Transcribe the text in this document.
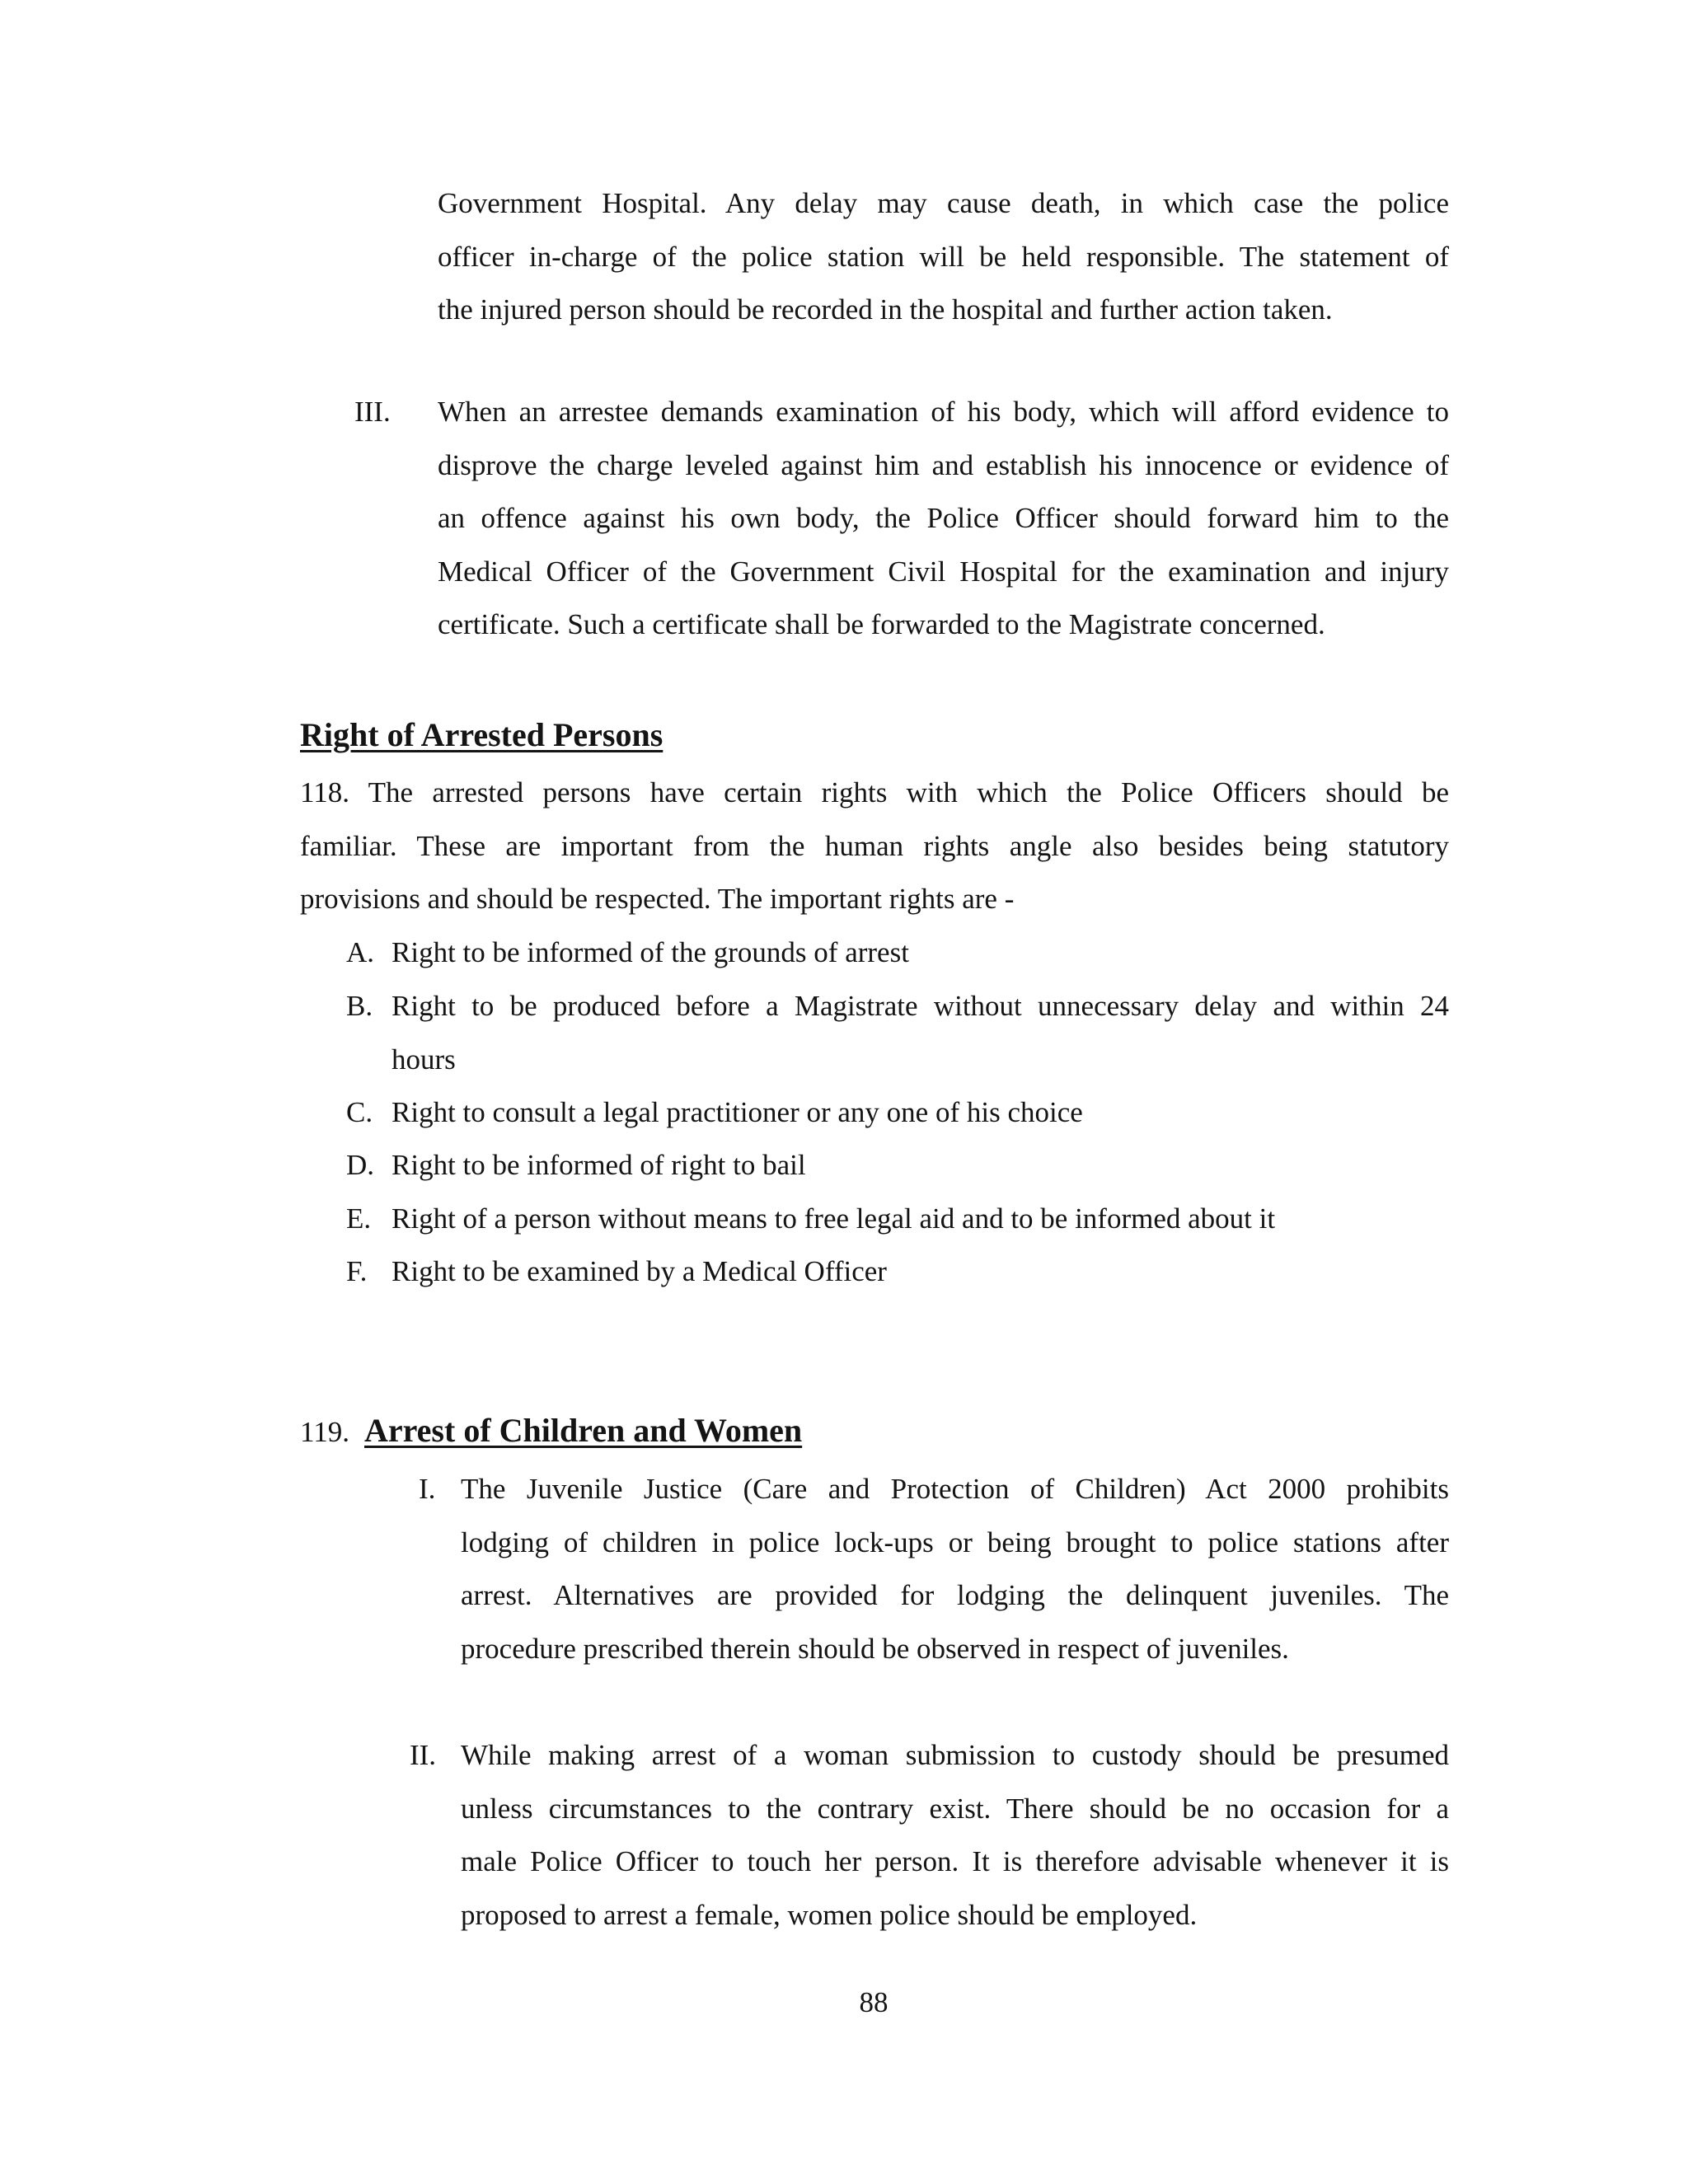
Government Hospital. Any delay may cause death, in which case the police
officer in-charge of the police station will be held responsible. The statement of
the injured person should be recorded in the hospital and further action taken.
III. When an arrestee demands examination of his body, which will afford evidence to
disprove the charge leveled against him and establish his innocence or evidence of
an offence against his own body, the Police Officer should forward him to the
Medical Officer of the Government Civil Hospital for the examination and injury
certificate. Such a certificate shall be forwarded to the Magistrate concerned.
Right of Arrested Persons
118. The arrested persons have certain rights with which the Police Officers should be
familiar. These are important from the human rights angle also besides being statutory
provisions and should be respected. The important rights are -
A. Right to be informed of the grounds of arrest
B. Right to be produced before a Magistrate without unnecessary delay and within 24
hours
C. Right to consult a legal practitioner or any one of his choice
D. Right to be informed of right to bail
E. Right of a person without means to free legal aid and to be informed about it
F. Right to be examined by a Medical Officer
119. Arrest of Children and Women
I. The Juvenile Justice (Care and Protection of Children) Act 2000 prohibits
lodging of children in police lock-ups or being brought to police stations after
arrest. Alternatives are provided for lodging the delinquent juveniles. The
procedure prescribed therein should be observed in respect of juveniles.
II. While making arrest of a woman submission to custody should be presumed
unless circumstances to the contrary exist. There should be no occasion for a
male Police Officer to touch her person. It is therefore advisable whenever it is
proposed to arrest a female, women police should be employed.
88
